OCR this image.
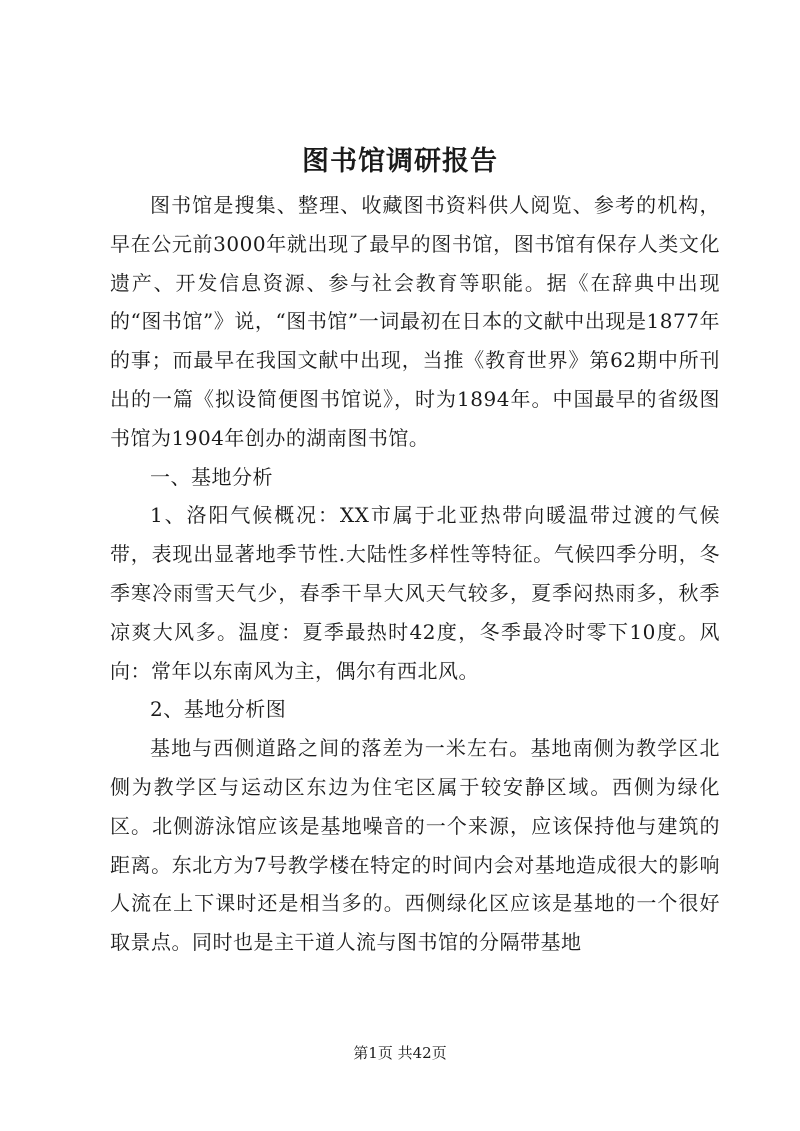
图书馆调研报告

图书馆是搜集、整理、收藏图书资料供人阅览、参考的机构，早在公元前3000年就出现了最早的图书馆，图书馆有保存人类文化遗产、开发信息资源、参与社会教育等职能。据《在辞典中出现的“图书馆”》说，“图书馆”一词最初在日本的文献中出现是1877年的事；而最早在我国文献中出现，当推《教育世界》第62期中所刊出的一篇《拟设简便图书馆说》，时为1894年。中国最早的省级图书馆为1904年创办的湖南图书馆。

一、基地分析

1、洛阳气候概况：XX市属于北亚热带向暖温带过渡的气候带，表现出显著地季节性.大陆性多样性等特征。气候四季分明，冬季寒冷雨雪天气少，春季干旱大风天气较多，夏季闷热雨多，秋季凉爽大风多。温度：夏季最热时42度，冬季最冷时零下10度。风向：常年以东南风为主，偶尔有西北风。

2、基地分析图

基地与西侧道路之间的落差为一米左右。基地南侧为教学区北侧为教学区与运动区东边为住宅区属于较安静区域。西侧为绿化区。北侧游泳馆应该是基地噪音的一个来源，应该保持他与建筑的距离。东北方为7号教学楼在特定的时间内会对基地造成很大的影响人流在上下课时还是相当多的。西侧绿化区应该是基地的一个很好取景点。同时也是主干道人流与图书馆的分隔带基地

第1页 共42页
